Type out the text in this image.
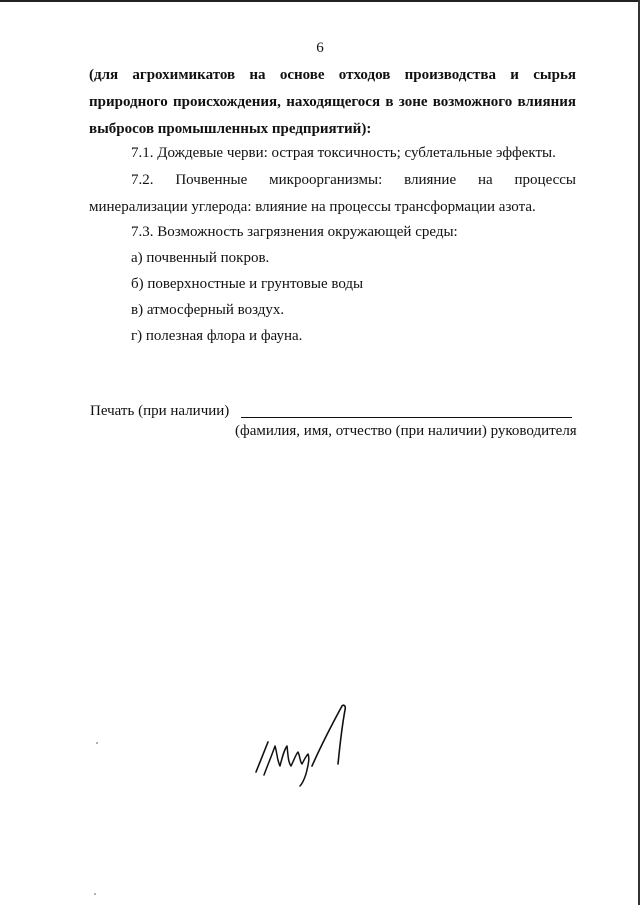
6
(для агрохимикатов на основе отходов производства и сырья
природного происхождения, находящегося в зоне возможного влияния
выбросов промышленных предприятий):
7.1. Дождевые черви: острая токсичность; сублетальные эффекты.
7.2. Почвенные микроорганизмы: влияние на процессы
минерализации углерода: влияние на процессы трансформации азота.
7.3. Возможность загрязнения окружающей среды:
а) почвенный покров.
б) поверхностные и грунтовые воды
в) атмосферный воздух.
г) полезная флора и фауна.
Печать (при наличии)
(фамилия, имя, отчество (при наличии) руководителя
